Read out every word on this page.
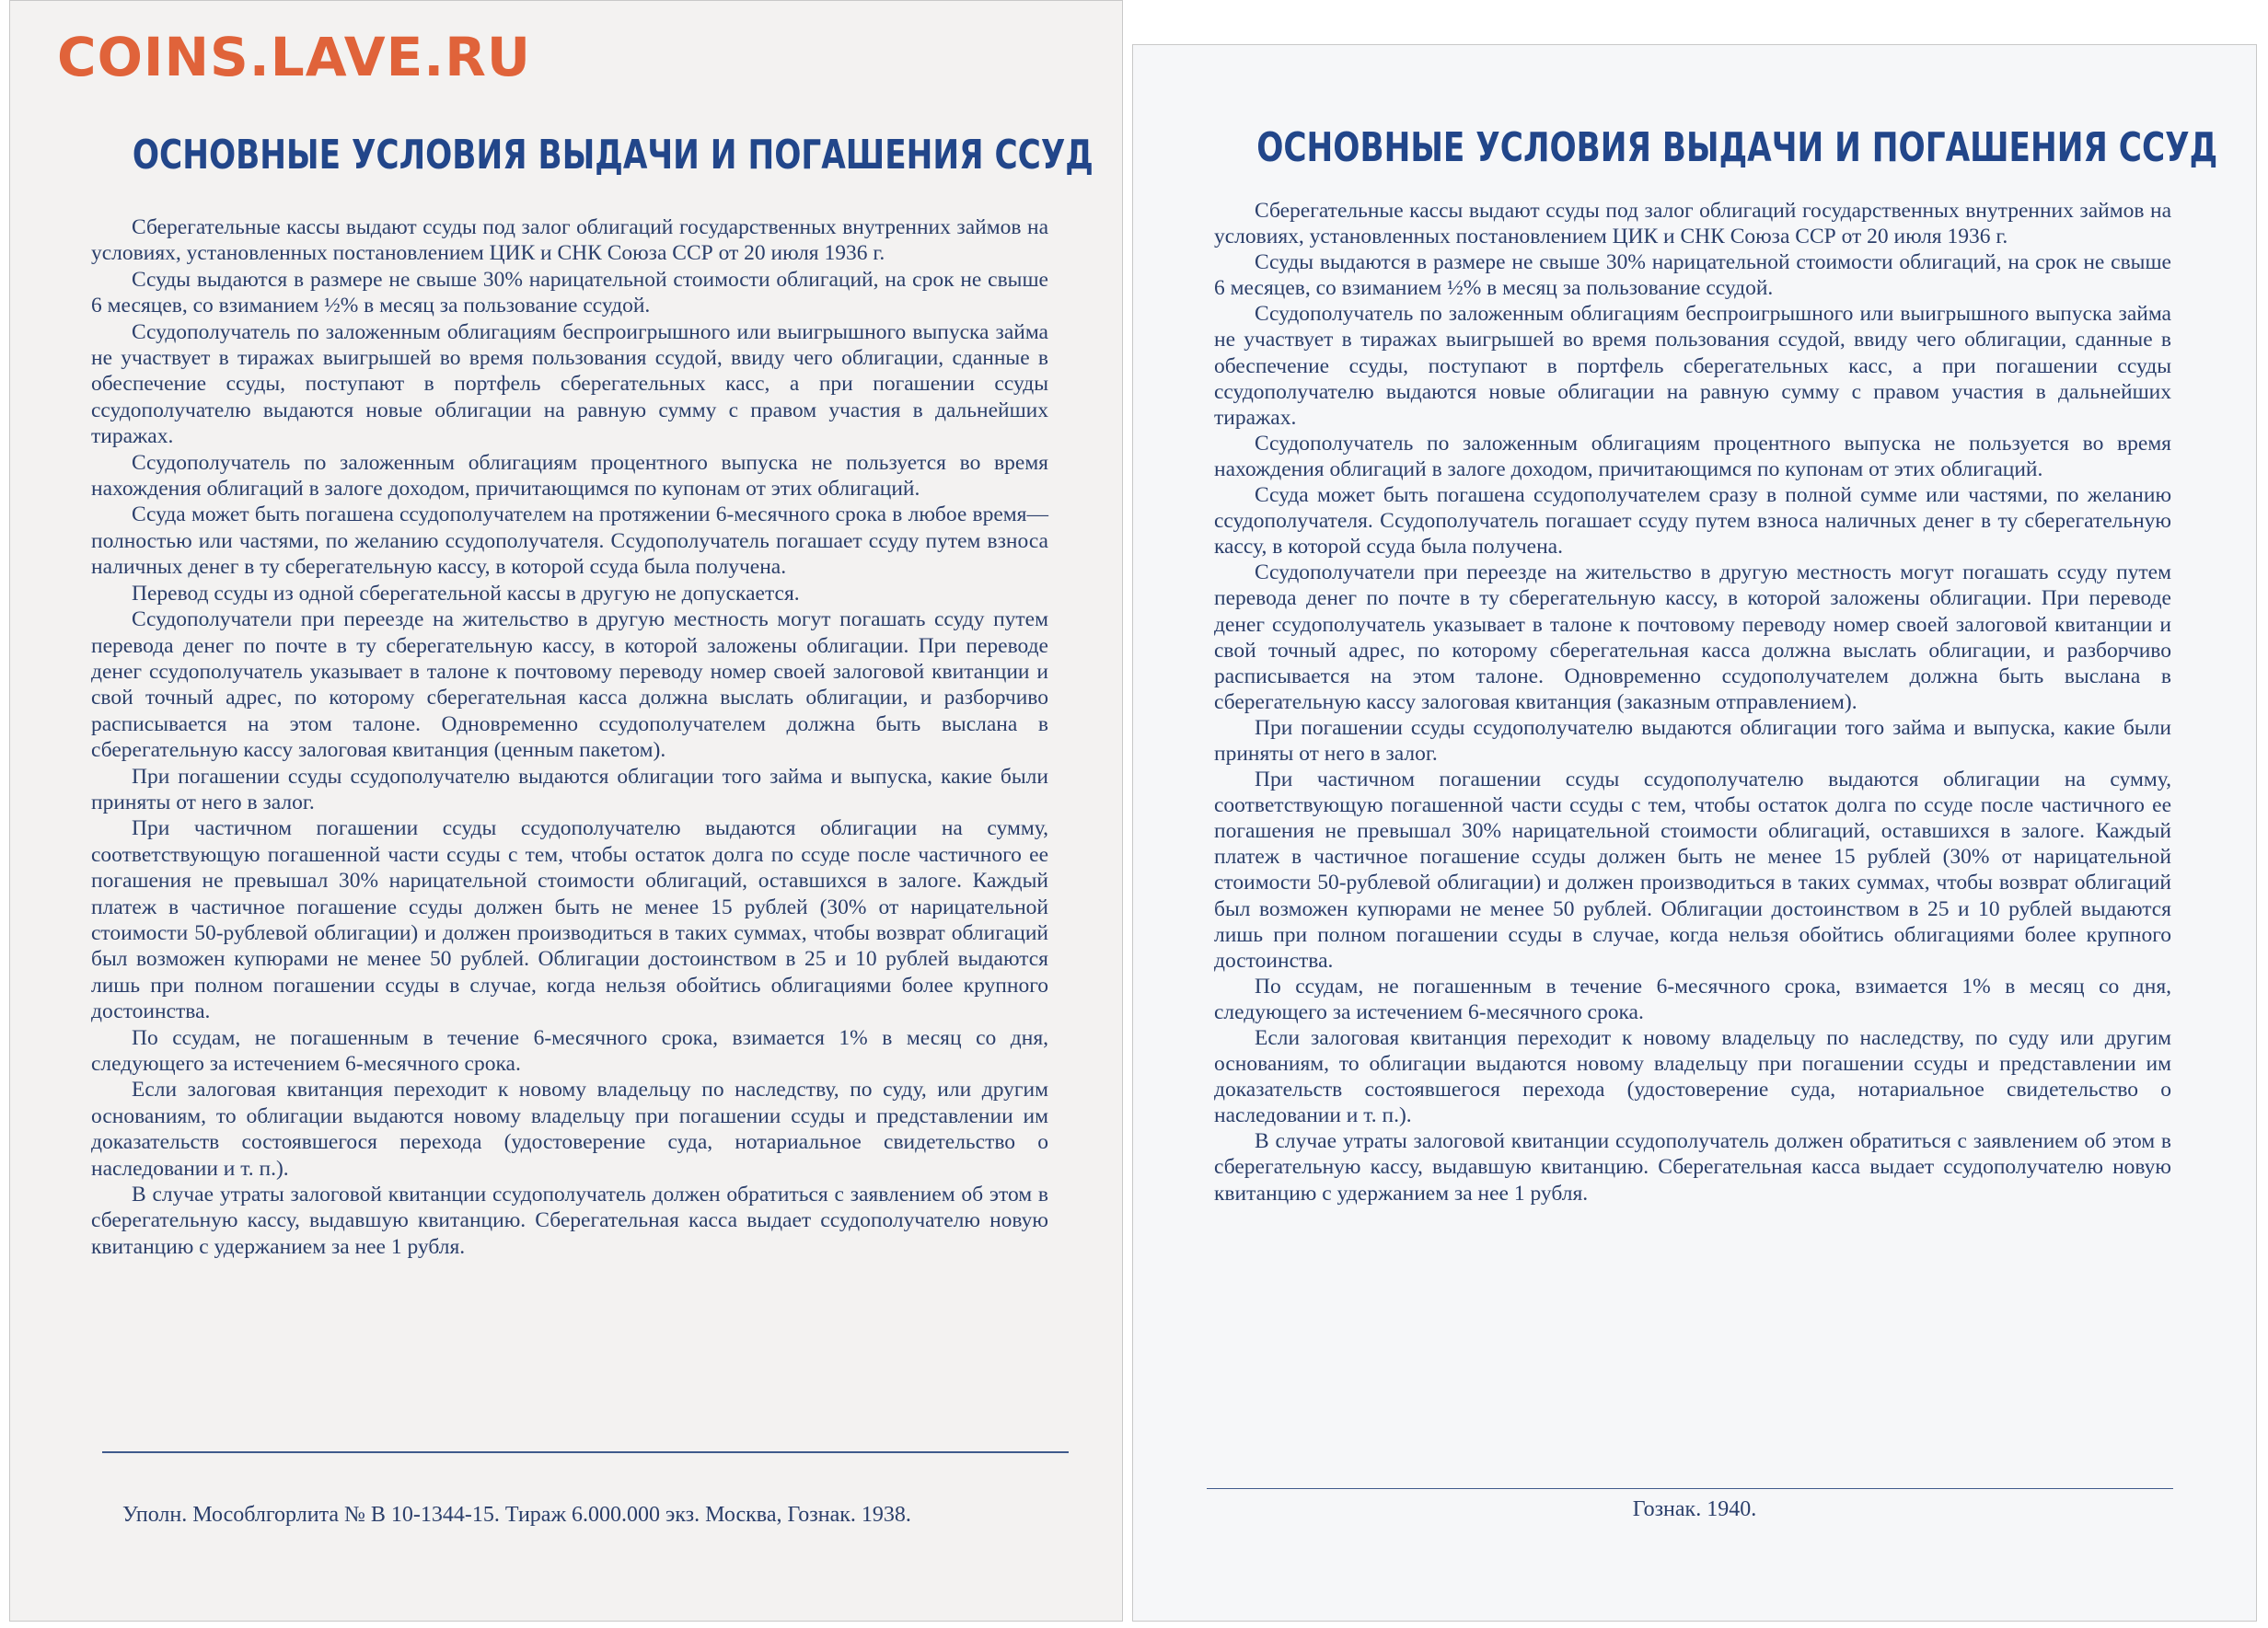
COINS.LAVE.RU
ОСНОВНЫЕ УСЛОВИЯ ВЫДАЧИ И ПОГАШЕНИЯ ССУД

Сберегательные кассы выдают ссуды под залог облигаций государственных внутренних займов на условиях, установленных постановлением ЦИК и СНК Союза ССР от 20 июля 1936 г.

Ссуды выдаются в размере не свыше 30% нарицательной стоимости облигаций, на срок не свыше 6 месяцев, со взиманием ½% в месяц за пользование ссудой.

Ссудополучатель по заложенным облигациям беспроигрышного или выигрышного выпуска займа не участвует в тиражах выигрышей во время пользования ссудой, ввиду чего облигации, сданные в обеспечение ссуды, поступают в портфель сберегательных касс, а при погашении ссуды ссудополучателю выдаются новые облигации на равную сумму с правом участия в дальнейших тиражах.

Ссудополучатель по заложенным облигациям процентного выпуска не пользуется во время нахождения облигаций в залоге доходом, причитающимся по купонам от этих облигаций.

Ссуда может быть погашена ссудополучателем на протяжении 6-месячного срока в любое время—полностью или частями, по желанию ссудополучателя. Ссудополучатель погашает ссуду путем взноса наличных денег в ту сберегательную кассу, в которой ссуда была получена.

Перевод ссуды из одной сберегательной кассы в другую не допускается.

Ссудополучатели при переезде на жительство в другую местность могут погашать ссуду путем перевода денег по почте в ту сберегательную кассу, в которой заложены облигации. При переводе денег ссудополучатель указывает в талоне к почтовому переводу номер своей залоговой квитанции и свой точный адрес, по которому сберегательная касса должна выслать облигации, и разборчиво расписывается на этом талоне. Одновременно ссудополучателем должна быть выслана в сберегательную кассу залоговая квитанция (ценным пакетом).

При погашении ссуды ссудополучателю выдаются облигации того займа и выпуска, какие были приняты от него в залог.

При частичном погашении ссуды ссудополучателю выдаются облигации на сумму, соответствующую погашенной части ссуды с тем, чтобы остаток долга по ссуде после частичного ее погашения не превышал 30% нарицательной стоимости облигаций, оставшихся в залоге. Каждый платеж в частичное погашение ссуды должен быть не менее 15 рублей (30% от нарицательной стоимости 50-рублевой облигации) и должен производиться в таких суммах, чтобы возврат облигаций был возможен купюрами не менее 50 рублей. Облигации достоинством в 25 и 10 рублей выдаются лишь при полном погашении ссуды в случае, когда нельзя обойтись облигациями более крупного достоинства.

По ссудам, не погашенным в течение 6-месячного срока, взимается 1% в месяц со дня, следующего за истечением 6-месячного срока.

Если залоговая квитанция переходит к новому владельцу по наследству, по суду, или другим основаниям, то облигации выдаются новому владельцу при погашении ссуды и представлении им доказательств состоявшегося перехода (удостоверение суда, нотариальное свидетельство о наследовании и т. п.).

В случае утраты залоговой квитанции ссудополучатель должен обратиться с заявлением об этом в сберегательную кассу, выдавшую квитанцию. Сберегательная касса выдает ссудополучателю новую квитанцию с удержанием за нее 1 рубля.

Уполн. Мособлгорлита № В 10-1344-15. Тираж 6.000.000 экз. Москва, Гознак. 1938.
ОСНОВНЫЕ УСЛОВИЯ ВЫДАЧИ И ПОГАШЕНИЯ ССУД

Сберегательные кассы выдают ссуды под залог облигаций государственных внутренних займов на условиях, установленных постановлением ЦИК и СНК Союза ССР от 20 июля 1936 г.

Ссуды выдаются в размере не свыше 30% нарицательной стоимости облигаций, на срок не свыше 6 месяцев, со взиманием ½% в месяц за пользование ссудой.

Ссудополучатель по заложенным облигациям беспроигрышного или выигрышного выпуска займа не участвует в тиражах выигрышей во время пользования ссудой, ввиду чего облигации, сданные в обеспечение ссуды, поступают в портфель сберегательных касс, а при погашении ссуды ссудополучателю выдаются новые облигации на равную сумму с правом участия в дальнейших тиражах.

Ссудополучатель по заложенным облигациям процентного выпуска не пользуется во время нахождения облигаций в залоге доходом, причитающимся по купонам от этих облигаций.

Ссуда может быть погашена ссудополучателем сразу в полной сумме или частями, по желанию ссудополучателя. Ссудополучатель погашает ссуду путем взноса наличных денег в ту сберегательную кассу, в которой ссуда была получена.

Ссудополучатели при переезде на жительство в другую местность могут погашать ссуду путем перевода денег по почте в ту сберегательную кассу, в которой заложены облигации. При переводе денег ссудополучатель указывает в талоне к почтовому переводу номер своей залоговой квитанции и свой точный адрес, по которому сберегательная касса должна выслать облигации, и разборчиво расписывается на этом талоне. Одновременно ссудополучателем должна быть выслана в сберегательную кассу залоговая квитанция (заказным отправлением).

При погашении ссуды ссудополучателю выдаются облигации того займа и выпуска, какие были приняты от него в залог.

При частичном погашении ссуды ссудополучателю выдаются облигации на сумму, соответствующую погашенной части ссуды с тем, чтобы остаток долга по ссуде после частичного ее погашения не превышал 30% нарицательной стоимости облигаций, оставшихся в залоге. Каждый платеж в частичное погашение ссуды должен быть не менее 15 рублей (30% от нарицательной стоимости 50-рублевой облигации) и должен производиться в таких суммах, чтобы возврат облигаций был возможен купюрами не менее 50 рублей. Облигации достоинством в 25 и 10 рублей выдаются лишь при полном погашении ссуды в случае, когда нельзя обойтись облигациями более крупного достоинства.

По ссудам, не погашенным в течение 6-месячного срока, взимается 1% в месяц со дня, следующего за истечением 6-месячного срока.

Если залоговая квитанция переходит к новому владельцу по наследству, по суду или другим основаниям, то облигации выдаются новому владельцу при погашении ссуды и представлении им доказательств состоявшегося перехода (удостоверение суда, нотариальное свидетельство о наследовании и т. п.).

В случае утраты залоговой квитанции ссудополучатель должен обратиться с заявлением об этом в сберегательную кассу, выдавшую квитанцию. Сберегательная касса выдает ссудополучателю новую квитанцию с удержанием за нее 1 рубля.

Гознак. 1940.
